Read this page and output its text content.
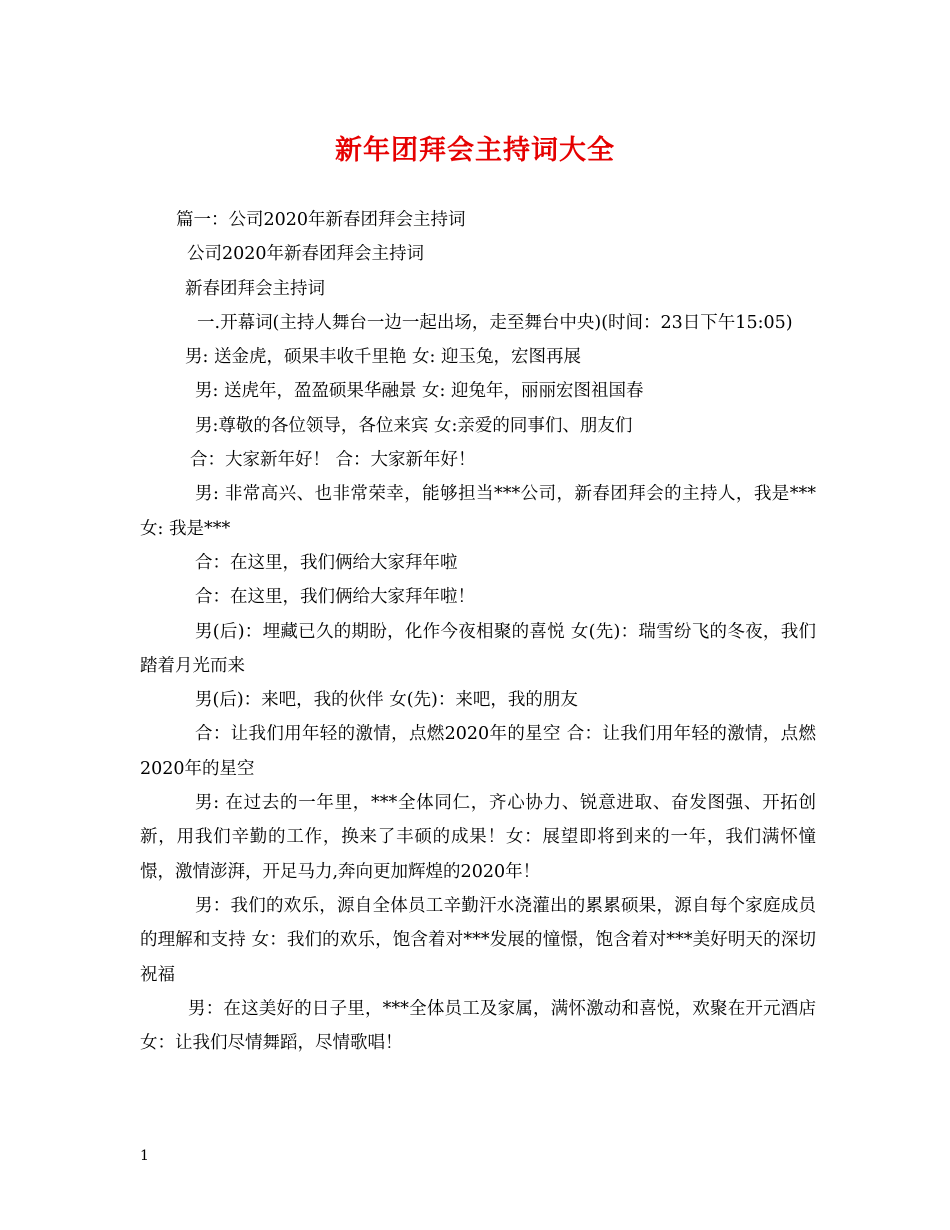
新年团拜会主持词大全

篇一：公司2020年新春团拜会主持词

公司2020年新春团拜会主持词

新春团拜会主持词

一.开幕词(主持人舞台一边一起出场，走至舞台中央)(时间：23日下午15:05)

男: 送金虎，硕果丰收千里艳 女: 迎玉兔，宏图再展

男: 送虎年，盈盈硕果华融景 女: 迎兔年，丽丽宏图祖国春

男:尊敬的各位领导，各位来宾 女:亲爱的同事们、朋友们

合：大家新年好！ 合：大家新年好！

男: 非常高兴、也非常荣幸，能够担当***公司，新春团拜会的主持人，我是*** 女: 我是***

合：在这里，我们俩给大家拜年啦

合：在这里，我们俩给大家拜年啦！

男(后)：埋藏已久的期盼，化作今夜相聚的喜悦 女(先)：瑞雪纷飞的冬夜，我们踏着月光而来

男(后)：来吧，我的伙伴 女(先)：来吧，我的朋友

合：让我们用年轻的激情，点燃2020年的星空 合：让我们用年轻的激情，点燃2020年的星空

男: 在过去的一年里，***全体同仁，齐心协力、锐意进取、奋发图强、开拓创新，用我们辛勤的工作，换来了丰硕的成果！女：展望即将到来的一年，我们满怀憧憬，激情澎湃，开足马力,奔向更加辉煌的2020年！

男：我们的欢乐，源自全体员工辛勤汗水浇灌出的累累硕果，源自每个家庭成员的理解和支持 女：我们的欢乐，饱含着对***发展的憧憬，饱含着对***美好明天的深切祝福

男：在这美好的日子里，***全体员工及家属，满怀激动和喜悦，欢聚在开元酒店 女：让我们尽情舞蹈，尽情歌唱！

1
